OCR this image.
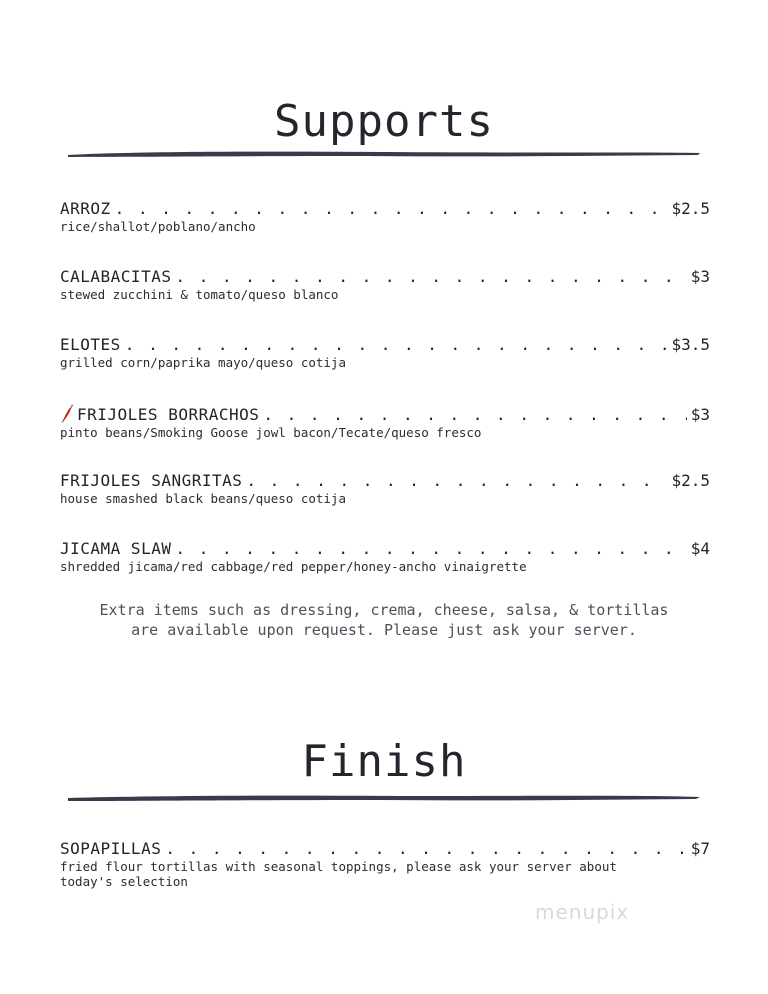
Supports
ARROZ . . .	$2.5
rice/shallot/poblano/ancho
CALABACITAS . . .	$3
stewed zucchini & tomato/queso blanco
ELOTES . . .	$3.5
grilled corn/paprika mayo/queso cotija
FRIJOLES BORRACHOS . . .	$3
pinto beans/Smoking Goose jowl bacon/Tecate/queso fresco
FRIJOLES SANGRITAS . . .	$2.5
house smashed black beans/queso cotija
JICAMA SLAW . . .	$4
shredded jicama/red cabbage/red pepper/honey-ancho vinaigrette
Extra items such as dressing, crema, cheese, salsa, & tortillas
are available upon request. Please just ask your server.
Finish
SOPAPILLAS . . .	$7
fried flour tortillas with seasonal toppings, please ask your server about today's selection
menupix
